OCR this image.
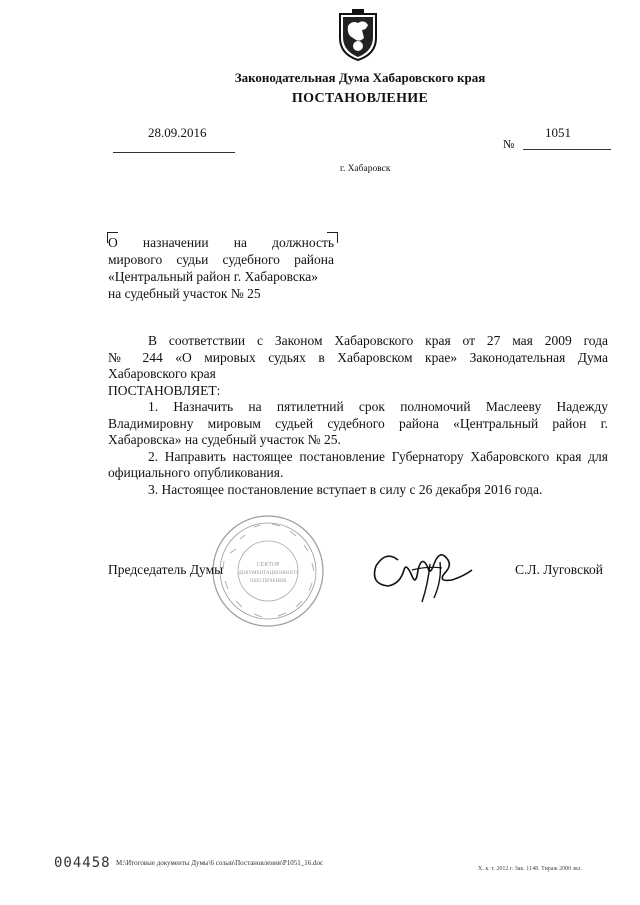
Законодательная Дума Хабаровского края
ПОСТАНОВЛЕНИЕ
28.09.2016
№
1051
г. Хабаровск
О назначении на должность
мирового судьи судебного района
«Центральный район г. Хабаровска»
на судебный участок № 25
В соответствии с Законом Хабаровского края от 27 мая 2009 года
№ 244 «О мировых судьях в Хабаровском крае» Законодательная Дума
Хабаровского края
ПОСТАНОВЛЯЕТ:
1. Назначить на пятилетний срок полномочий Маслееву Надежду Владимировну мировым судьей судебного района «Центральный район г. Хабаровска» на судебный участок № 25.
2. Направить настоящее постановление Губернатору Хабаровского края для официального опубликования.
3. Настоящее постановление вступает в силу с 26 декабря 2016 года.
СЕКТОР
ДОКУМЕНТАЦИОННОГО
ОБЕСПЕЧЕНИЯ
Председатель Думы	С.Л. Луговской
004458 M:\Итоговые документы Думы\6 созыв\Постановления\P1051_16.doc
Х. к. т. 2012 г. Зак. 1148. Тираж 2000 экз.
